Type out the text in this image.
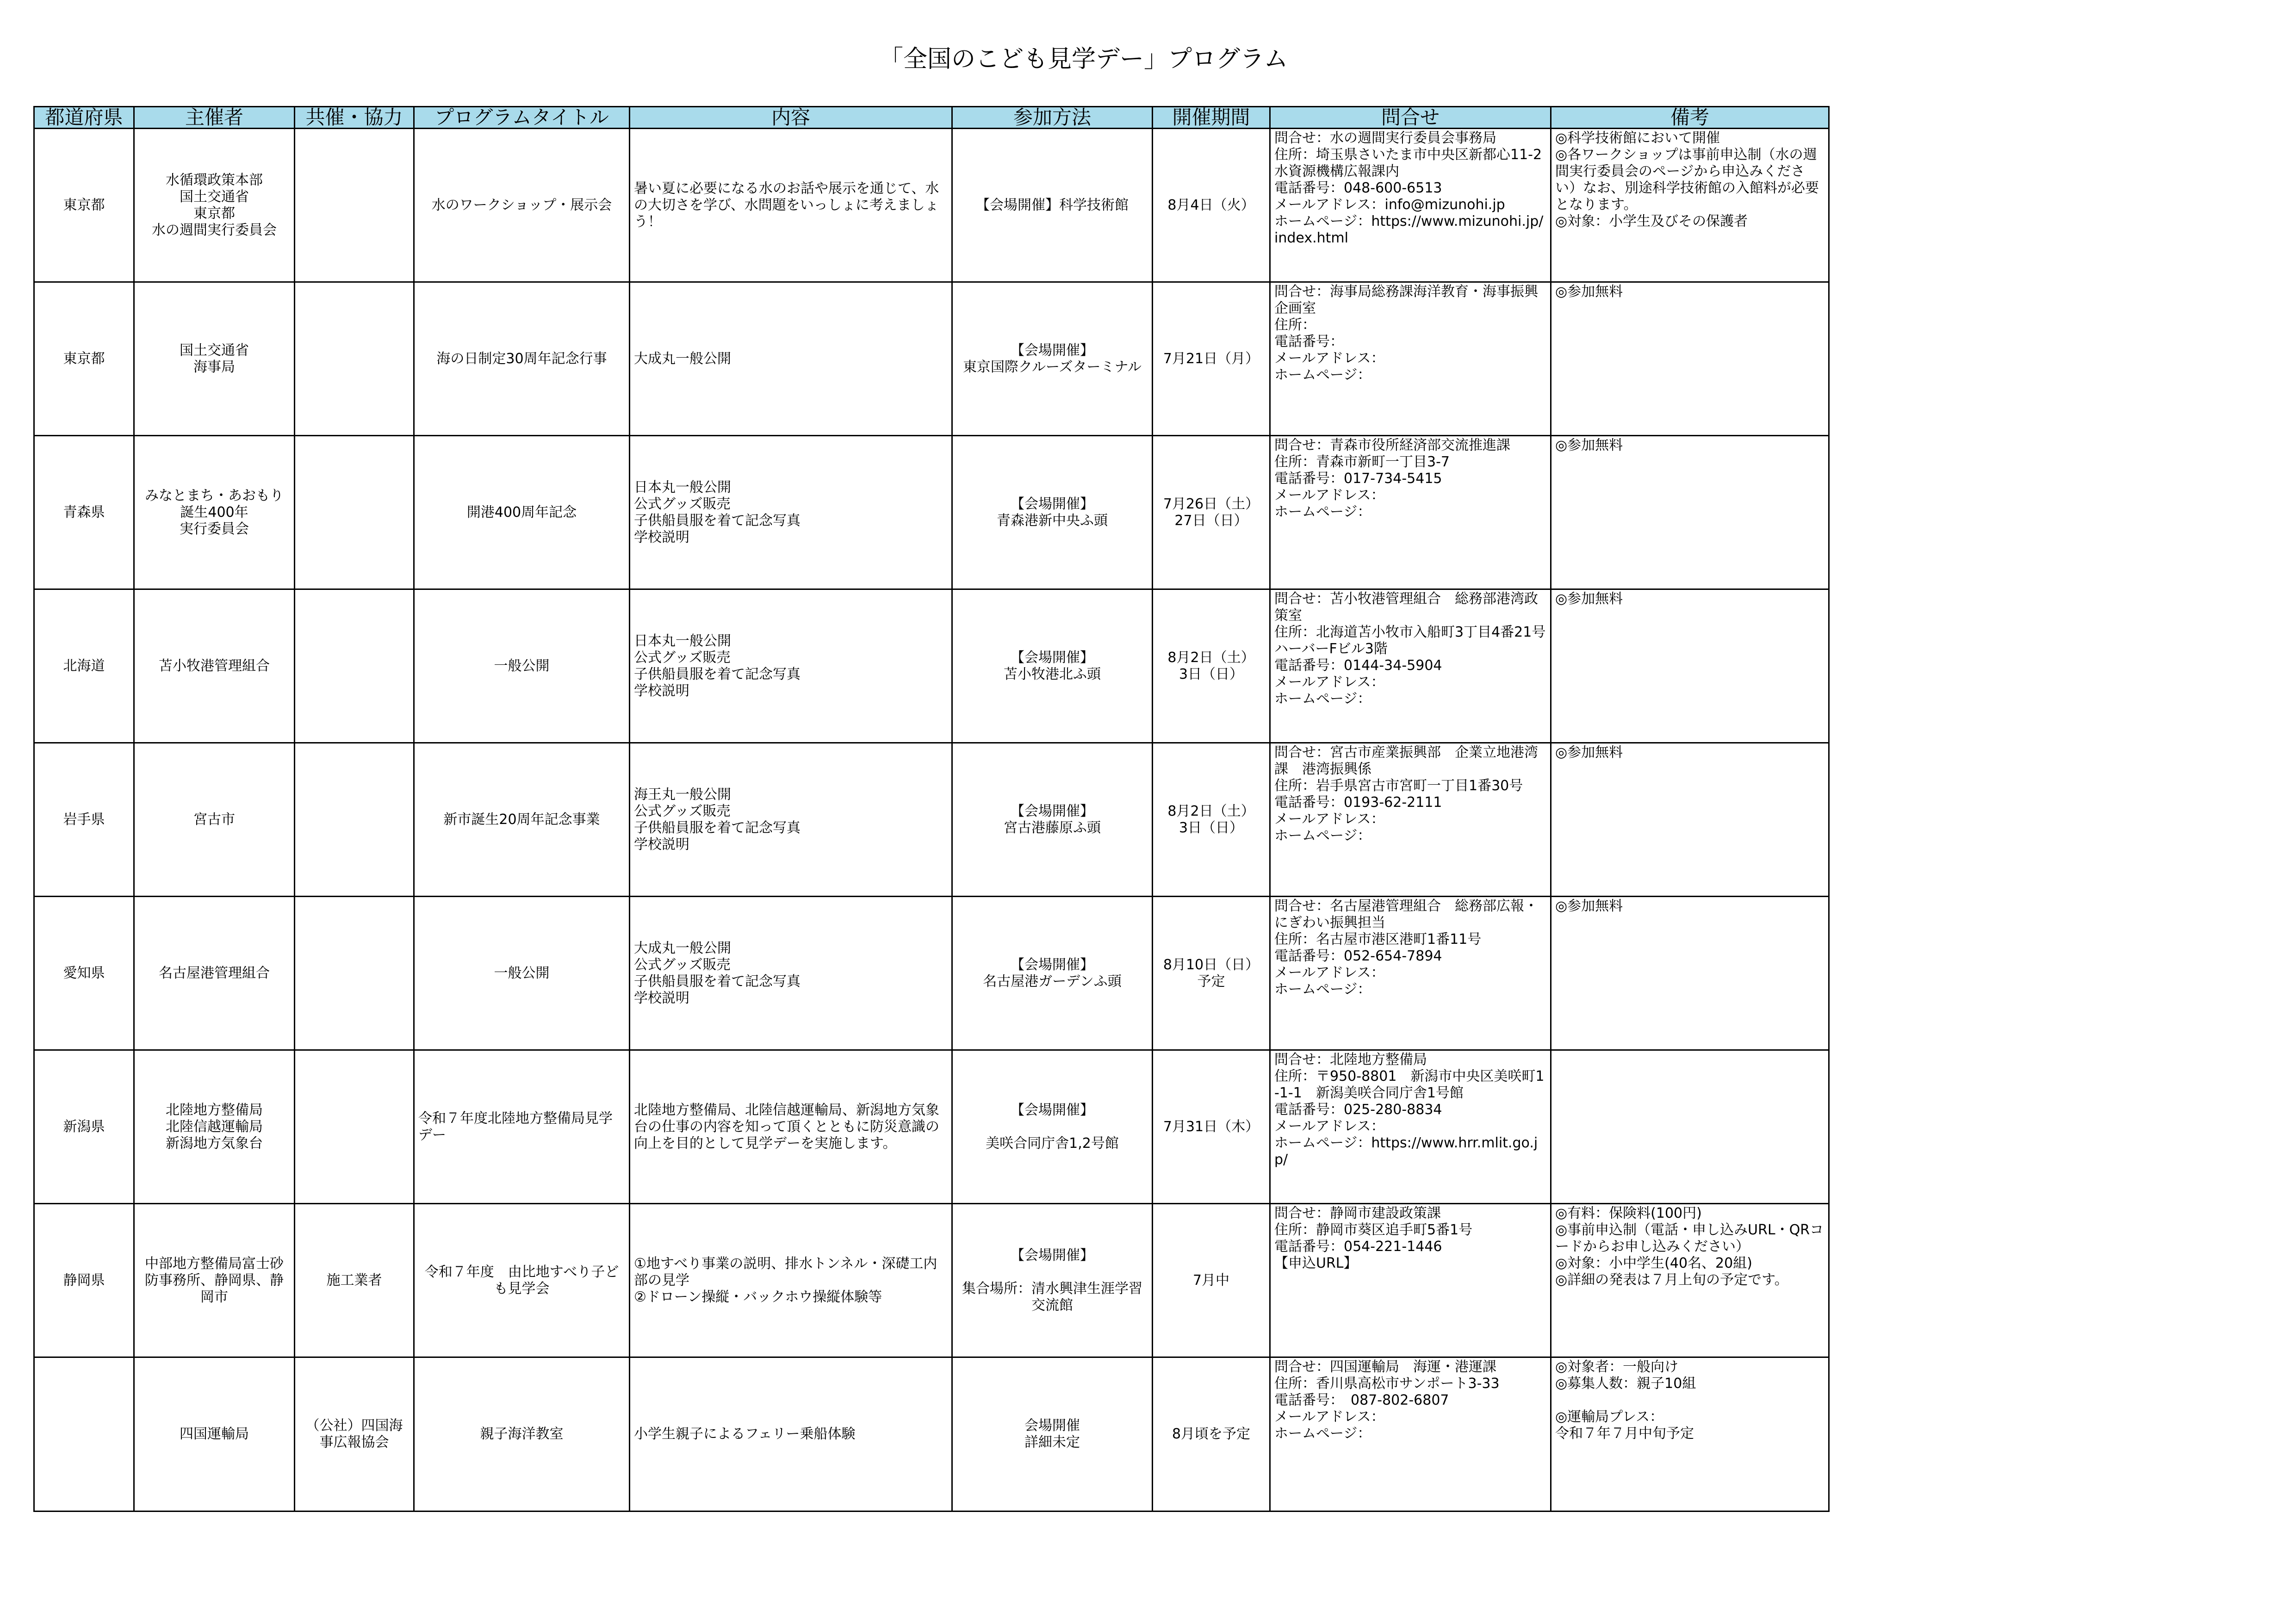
「全国のこども見学デー」プログラム
都道府県	主催者	共催・協力	プログラムタイトル	内容	参加方法	開催期間	問合せ	備考
東京都	水循環政策本部
国土交通省
東京都
水の週間実行委員会		水のワークショップ・展示会	暑い夏に必要になる水のお話や展示を通じて、水の大切さを学び、水問題をいっしょに考えましょう！	【会場開催】科学技術館	8月4日（火）	問合せ：水の週間実行委員会事務局
住所：埼玉県さいたま市中央区新都心11-2　水資源機構広報課内
電話番号：048-600-6513
メールアドレス：info@mizunohi.jp
ホームページ：https://www.mizunohi.jp/index.html	◎科学技術館において開催
◎各ワークショップは事前申込制（水の週間実行委員会のページから申込みください）なお、別途科学技術館の入館料が必要となります。
◎対象：小学生及びその保護者
東京都	国土交通省
海事局		海の日制定30周年記念行事	大成丸一般公開	【会場開催】
東京国際クルーズターミナル	7月21日（月）	問合せ：海事局総務課海洋教育・海事振興企画室
住所：
電話番号：
メールアドレス：
ホームページ：	◎参加無料
青森県	みなとまち・あおもり誕生400年
実行委員会		開港400周年記念	日本丸一般公開
公式グッズ販売
子供船員服を着て記念写真
学校説明	【会場開催】
青森港新中央ふ頭	7月26日（土）
27日（日）	問合せ：青森市役所経済部交流推進課
住所：青森市新町一丁目3-7
電話番号：017-734-5415
メールアドレス：
ホームページ：	◎参加無料
北海道	苫小牧港管理組合		一般公開	日本丸一般公開
公式グッズ販売
子供船員服を着て記念写真
学校説明	【会場開催】
苫小牧港北ふ頭	8月2日（土）
3日（日）	問合せ：苫小牧港管理組合　総務部港湾政策室
住所：北海道苫小牧市入船町3丁目4番21号 ハーバーFビル3階
電話番号：0144-34-5904
メールアドレス：
ホームページ：	◎参加無料
岩手県	宮古市		新市誕生20周年記念事業	海王丸一般公開
公式グッズ販売
子供船員服を着て記念写真
学校説明	【会場開催】
宮古港藤原ふ頭	8月2日（土）
3日（日）	問合せ：宮古市産業振興部　企業立地港湾課　港湾振興係
住所：岩手県宮古市宮町一丁目1番30号
電話番号：0193-62-2111
メールアドレス：
ホームページ：	◎参加無料
愛知県	名古屋港管理組合		一般公開	大成丸一般公開
公式グッズ販売
子供船員服を着て記念写真
学校説明	【会場開催】
名古屋港ガーデンふ頭	8月10日（日）
予定	問合せ：名古屋港管理組合　総務部広報・にぎわい振興担当
住所：名古屋市港区港町1番11号
電話番号：052-654-7894
メールアドレス：
ホームページ：	◎参加無料
新潟県	北陸地方整備局
北陸信越運輸局
新潟地方気象台		令和７年度北陸地方整備局見学デー	北陸地方整備局、北陸信越運輸局、新潟地方気象台の仕事の内容を知って頂くとともに防災意識の向上を目的として見学デーを実施します。	【会場開催】

美咲合同庁舎1,2号館	7月31日（木）	問合せ：北陸地方整備局
住所：〒950-8801　新潟市中央区美咲町1-1-1　新潟美咲合同庁舎1号館
電話番号：025-280-8834
メールアドレス：
ホームページ：https://www.hrr.mlit.go.jp/	
静岡県	中部地方整備局富士砂防事務所、静岡県、静岡市	施工業者	令和７年度　由比地すべり子ども見学会	①地すべり事業の説明、排水トンネル・深礎工内部の見学
②ドローン操縦・バックホウ操縦体験等	【会場開催】

集合場所：清水興津生涯学習交流館	7月中	問合せ：静岡市建設政策課
住所：静岡市葵区追手町5番1号
電話番号：054-221-1446
【申込URL】	◎有料：保険料(100円)
◎事前申込制（電話・申し込みURL・QRコードからお申し込みください）
◎対象：小中学生(40名、20組)
◎詳細の発表は７月上旬の予定です。
	四国運輸局	（公社）四国海事広報協会	親子海洋教室	小学生親子によるフェリー乗船体験	会場開催
詳細未定	8月頃を予定	問合せ：四国運輸局　海運・港運課
住所：香川県高松市サンポート3-33
電話番号：　087-802-6807
メールアドレス：
ホームページ：	◎対象者：一般向け
◎募集人数：親子10組

◎運輸局プレス：
令和７年７月中旬予定
